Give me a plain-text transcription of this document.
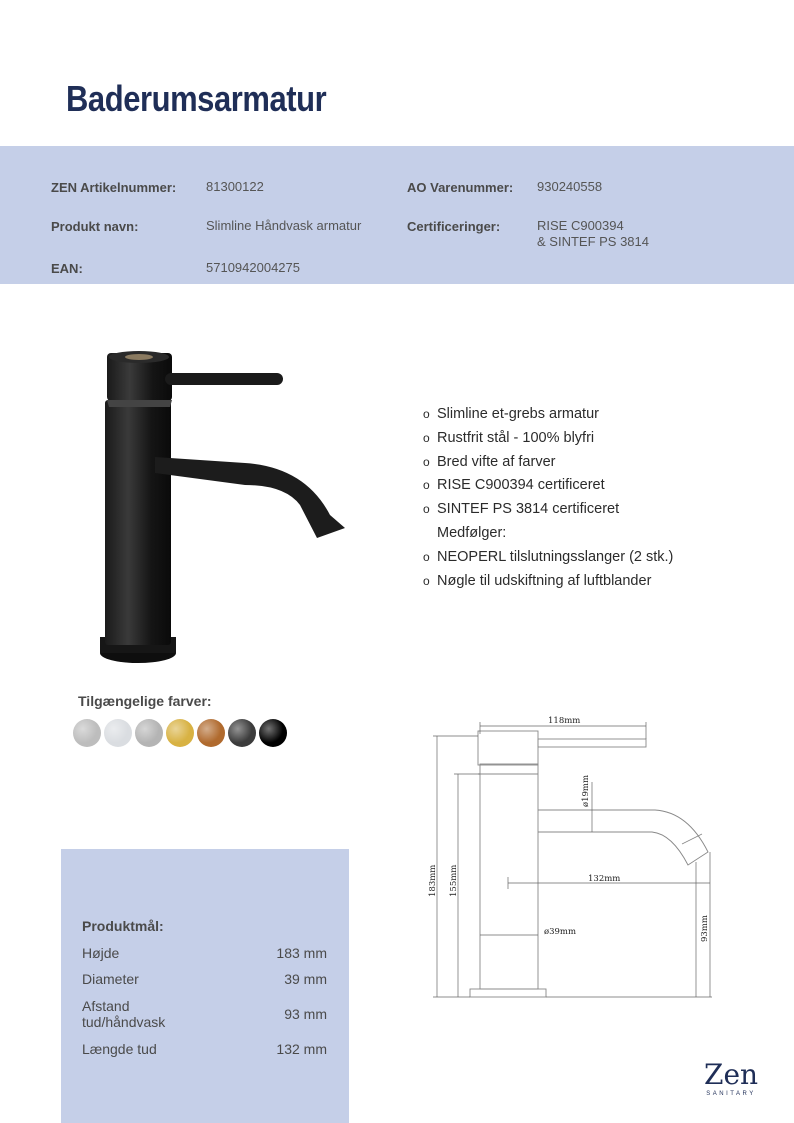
Baderumsarmatur
ZEN Artikelnummer: 81300122	AO Varenummer: 930240558
Produkt navn:	Slimline Håndvask armatur	Certificeringer:	RISE C900394
& SINTEF PS 3814
EAN:	5710942004275
o Slimline et-grebs armatur
o Rustfrit stål - 100% blyfri
o Bred vifte af farver
o RISE C900394 certificeret
o SINTEF PS 3814 certificeret
Medfølger:
o NEOPERL tilslutningsslanger (2 stk.)
o Nøgle til udskiftning af luftblander
Tilgængelige farver:
118mm
ø19mm
132mm
183mm 155mm
ø39mm	93mm
Produktmål:
Højde	183 mm
Diameter	39 mm
Afstand tud/håndvask	93 mm
Længde tud	132 mm
Zen
SANITARY
